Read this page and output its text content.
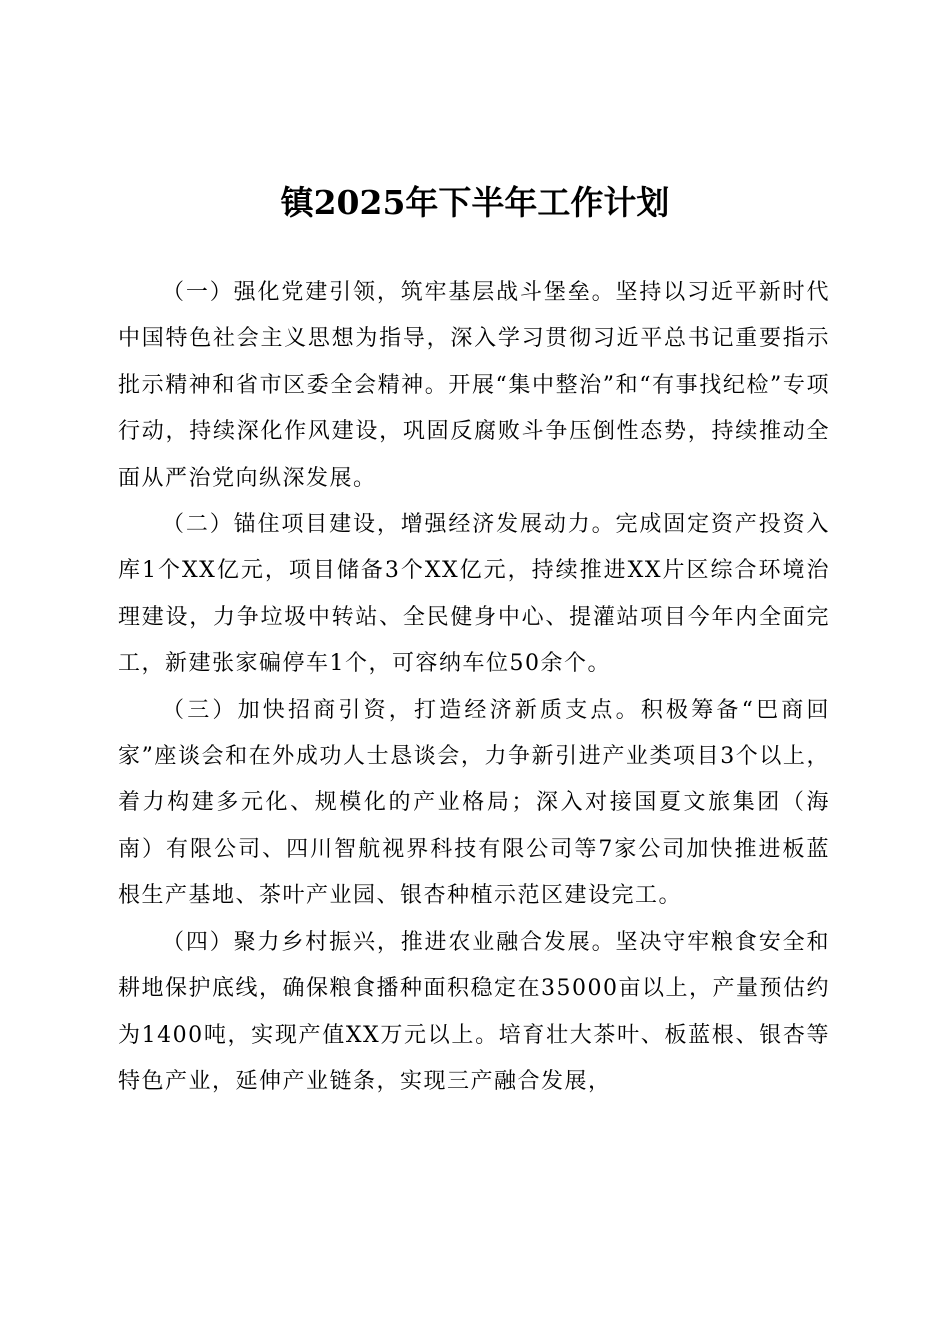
镇2025年下半年工作计划

（一）强化党建引领，筑牢基层战斗堡垒。坚持以习近平新时代中国特色社会主义思想为指导，深入学习贯彻习近平总书记重要指示批示精神和省市区委全会精神。开展“集中整治”和“有事找纪检”专项行动，持续深化作风建设，巩固反腐败斗争压倒性态势，持续推动全面从严治党向纵深发展。

（二）锚住项目建设，增强经济发展动力。完成固定资产投资入库1个XX亿元，项目储备3个XX亿元，持续推进XX片区综合环境治理建设，力争垃圾中转站、全民健身中心、提灌站项目今年内全面完工，新建张家碥停车1个，可容纳车位50余个。

（三）加快招商引资，打造经济新质支点。积极筹备“巴商回家”座谈会和在外成功人士恳谈会，力争新引进产业类项目3个以上，着力构建多元化、规模化的产业格局；深入对接国夏文旅集团（海南）有限公司、四川智航视界科技有限公司等7家公司加快推进板蓝根生产基地、茶叶产业园、银杏种植示范区建设完工。

（四）聚力乡村振兴，推进农业融合发展。坚决守牢粮食安全和耕地保护底线，确保粮食播种面积稳定在35000亩以上，产量预估约为1400吨，实现产值XX万元以上。培育壮大茶叶、板蓝根、银杏等特色产业，延伸产业链条，实现三产融合发展，
